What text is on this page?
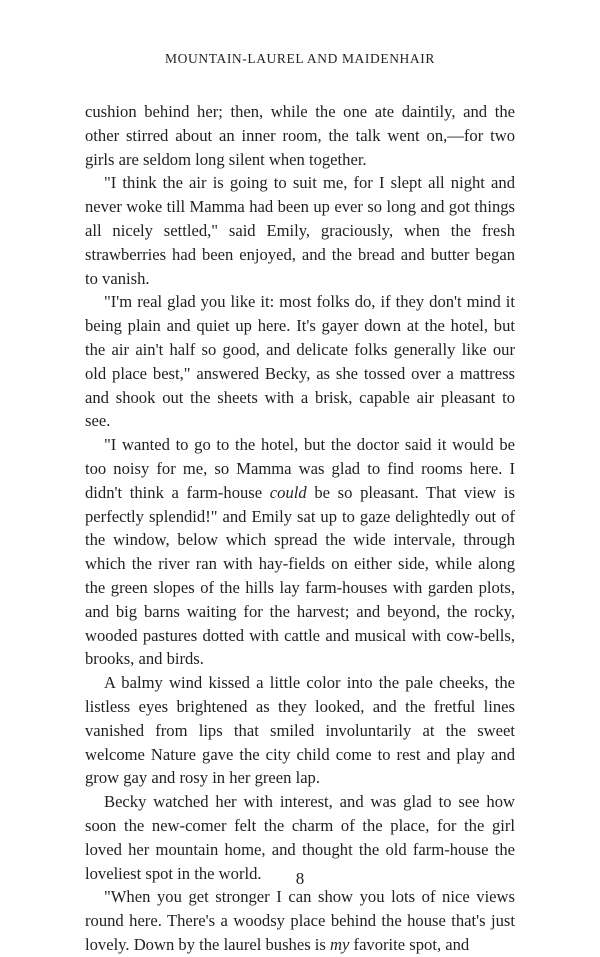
MOUNTAIN-LAUREL AND MAIDENHAIR

cushion behind her; then, while the one ate daintily, and the other stirred about an inner room, the talk went on,—for two girls are seldom long silent when together.

"I think the air is going to suit me, for I slept all night and never woke till Mamma had been up ever so long and got things all nicely settled," said Emily, graciously, when the fresh strawberries had been enjoyed, and the bread and butter began to vanish.

"I'm real glad you like it: most folks do, if they don't mind it being plain and quiet up here. It's gayer down at the hotel, but the air ain't half so good, and delicate folks generally like our old place best," answered Becky, as she tossed over a mattress and shook out the sheets with a brisk, capable air pleasant to see.

"I wanted to go to the hotel, but the doctor said it would be too noisy for me, so Mamma was glad to find rooms here. I didn't think a farm-house could be so pleasant. That view is perfectly splendid!" and Emily sat up to gaze delightedly out of the window, below which spread the wide intervale, through which the river ran with hay-fields on either side, while along the green slopes of the hills lay farm-houses with garden plots, and big barns waiting for the harvest; and beyond, the rocky, wooded pastures dotted with cattle and musical with cow-bells, brooks, and birds.

A balmy wind kissed a little color into the pale cheeks, the listless eyes brightened as they looked, and the fretful lines vanished from lips that smiled involuntarily at the sweet welcome Nature gave the city child come to rest and play and grow gay and rosy in her green lap.

Becky watched her with interest, and was glad to see how soon the new-comer felt the charm of the place, for the girl loved her mountain home, and thought the old farm-house the loveliest spot in the world.

"When you get stronger I can show you lots of nice views round here. There's a woodsy place behind the house that's just lovely. Down by the laurel bushes is my favorite spot, and

8
